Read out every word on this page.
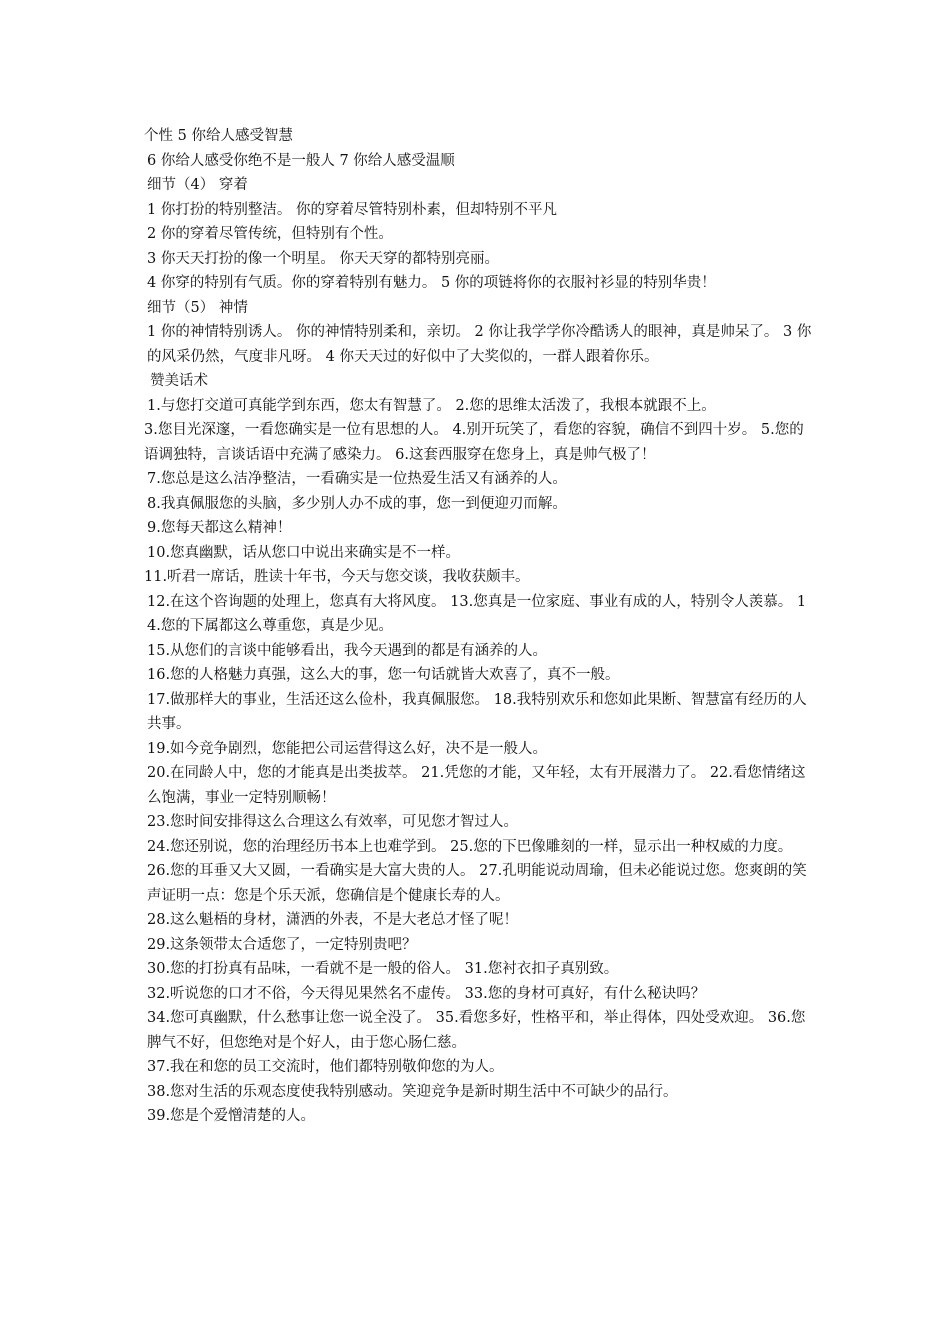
个性 5 你给人感受智慧
6 你给人感受你绝不是一般人 7 你给人感受温顺
细节（4） 穿着
1 你打扮的特别整洁。 你的穿着尽管特别朴素，但却特别不平凡
2 你的穿着尽管传统，但特别有个性。
3 你天天打扮的像一个明星。 你天天穿的都特别亮丽。
4 你穿的特别有气质。你的穿着特别有魅力。 5 你的项链将你的衣服衬衫显的特别华贵！
细节（5） 神情
1 你的神情特别诱人。 你的神情特别柔和，亲切。 2 你让我学学你冷酷诱人的眼神，真是帅呆了。 3 你的风采仍然，气度非凡呀。 4 你天天过的好似中了大奖似的，一群人跟着你乐。
赞美话术
1.与您打交道可真能学到东西，您太有智慧了。 2.您的思维太活泼了，我根本就跟不上。
3.您目光深邃，一看您确实是一位有思想的人。 4.别开玩笑了，看您的容貌，确信不到四十岁。 5.您的语调独特，言谈话语中充满了感染力。 6.这套西服穿在您身上，真是帅气极了！
7.您总是这么洁净整洁，一看确实是一位热爱生活又有涵养的人。
8.我真佩服您的头脑，多少别人办不成的事，您一到便迎刃而解。
9.您每天都这么精神！
10.您真幽默，话从您口中说出来确实是不一样。
11.听君一席话，胜读十年书，今天与您交谈，我收获颇丰。
12.在这个咨询题的处理上，您真有大将风度。 13.您真是一位家庭、事业有成的人，特别令人羡慕。 14.您的下属都这么尊重您，真是少见。
15.从您们的言谈中能够看出，我今天遇到的都是有涵养的人。
16.您的人格魅力真强，这么大的事，您一句话就皆大欢喜了，真不一般。
17.做那样大的事业，生活还这么俭朴，我真佩服您。 18.我特别欢乐和您如此果断、智慧富有经历的人共事。
19.如今竞争剧烈，您能把公司运营得这么好，决不是一般人。
20.在同龄人中，您的才能真是出类拔萃。 21.凭您的才能，又年轻，太有开展潜力了。 22.看您情绪这么饱满，事业一定特别顺畅！
23.您时间安排得这么合理这么有效率，可见您才智过人。
24.您还别说，您的治理经历书本上也难学到。 25.您的下巴像雕刻的一样，显示出一种权威的力度。
26.您的耳垂又大又圆，一看确实是大富大贵的人。 27.孔明能说动周瑜，但未必能说过您。您爽朗的笑声证明一点：您是个乐天派，您确信是个健康长寿的人。
28.这么魁梧的身材，潇洒的外表，不是大老总才怪了呢！
29.这条领带太合适您了，一定特别贵吧？
30.您的打扮真有品味，一看就不是一般的俗人。 31.您衬衣扣子真别致。
32.听说您的口才不俗，今天得见果然名不虚传。 33.您的身材可真好，有什么秘诀吗？
34.您可真幽默，什么愁事让您一说全没了。 35.看您多好，性格平和，举止得体，四处受欢迎。 36.您脾气不好，但您绝对是个好人，由于您心肠仁慈。
37.我在和您的员工交流时，他们都特别敬仰您的为人。
38.您对生活的乐观态度使我特别感动。笑迎竞争是新时期生活中不可缺少的品行。
39.您是个爱憎清楚的人。
